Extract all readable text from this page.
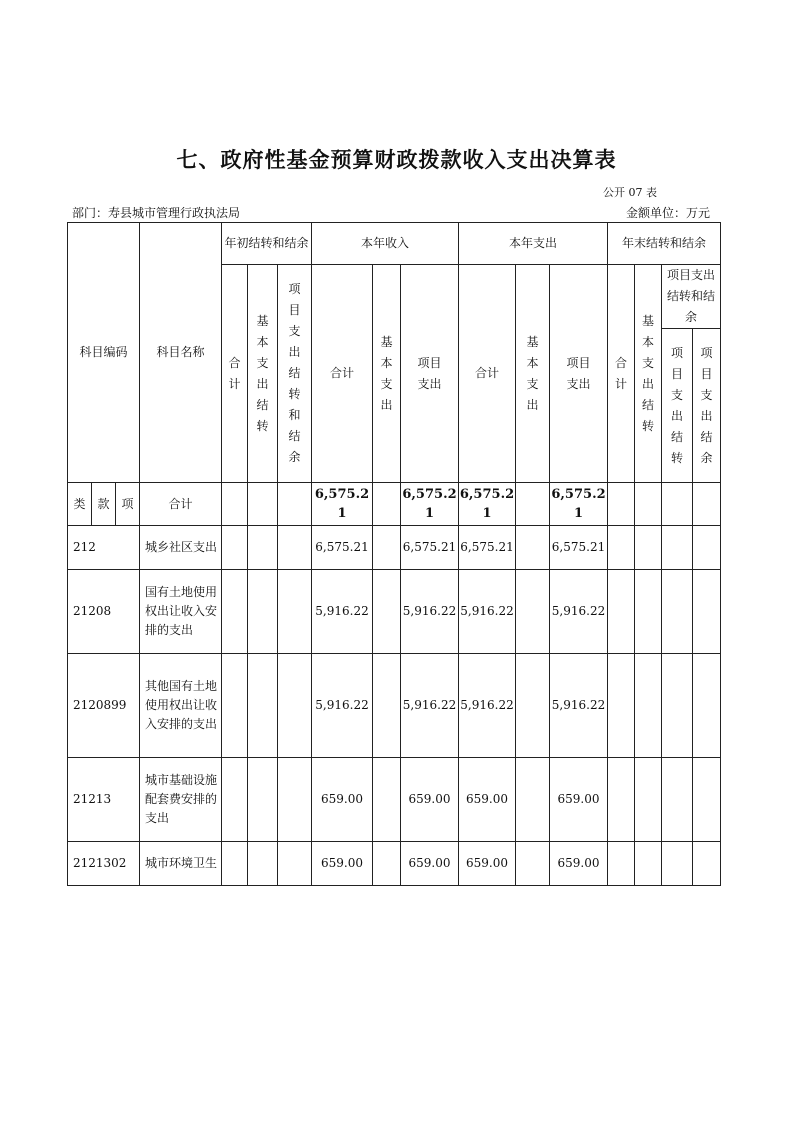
七、政府性基金预算财政拨款收入支出决算表
公开 07 表
部门：寿县城市管理行政执法局	金额单位：万元
科目编码			科目名称	年初结转和结余			本年收入			本年支出			年末结转和结余			
				合计	基本支出结转	项目支出结转和结余	合计	基本支出	项目支出	合计	基本支出	项目支出	合计	基本支出结转	项目支出结转和结余	
															项目支出结转	项目支出结余
类	款	项	合计				6,575.21		6,575.21	6,575.21		6,575.21				
212			城乡社区支出				6,575.21		6,575.21	6,575.21		6,575.21				
21208			国有土地使用权出让收入安排的支出				5,916.22		5,916.22	5,916.22		5,916.22				
2120899			其他国有土地使用权出让收入安排的支出				5,916.22		5,916.22	5,916.22		5,916.22				
21213			城市基础设施配套费安排的支出				659.00		659.00	659.00		659.00				
2121302			城市环境卫生				659.00		659.00	659.00		659.00				
